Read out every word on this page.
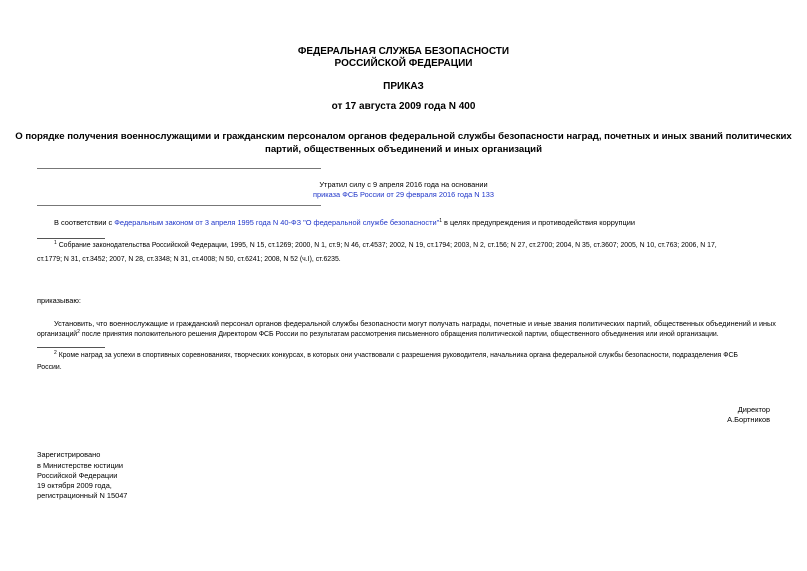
ФЕДЕРАЛЬНАЯ СЛУЖБА БЕЗОПАСНОСТИ
РОССИЙСКОЙ ФЕДЕРАЦИИ
ПРИКАЗ
от 17 августа 2009 года N 400
О порядке получения военнослужащими и гражданским персоналом органов федеральной службы безопасности наград, почетных и иных званий политических
партий, общественных объединений и иных организаций
Утратил силу с 9 апреля 2016 года на основании
приказа ФСБ России от 29 февраля 2016 года N 133
В соответствии с Федеральным законом от 3 апреля 1995 года N 40-ФЗ "О федеральной службе безопасности"$^1$ в целях предупреждения и противодействия коррупции
$^1$ Собрание законодательства Российской Федерации, 1995, N 15, ст.1269; 2000, N 1, ст.9; N 46, ст.4537; 2002, N 19, ст.1794; 2003, N 2, ст.156; N 27, ст.2700; 2004, N 35, ст.3607; 2005, N 10, ст.763; 2006, N 17,
ст.1779; N 31, ст.3452; 2007, N 28, ст.3348; N 31, ст.4008; N 50, ст.6241; 2008, N 52 (ч.I), ст.6235.
приказываю:
Установить, что военнослужащие и гражданский персонал органов федеральной службы безопасности могут получать награды, почетные и иные звания политических партий, общественных объединений и иных
организаций$^2$ после принятия положительного решения Директором ФСБ России по результатам рассмотрения письменного обращения политической партии, общественного объединения или иной организации.
$^2$ Кроме наград за успехи в спортивных соревнованиях, творческих конкурсах, в которых они участвовали с разрешения руководителя, начальника органа федеральной службы безопасности, подразделения ФСБ
России.
Директор
А.Бортников
Зарегистрировано
в Министерстве юстиции
Российской Федерации
19 октября 2009 года,
регистрационный N 15047
